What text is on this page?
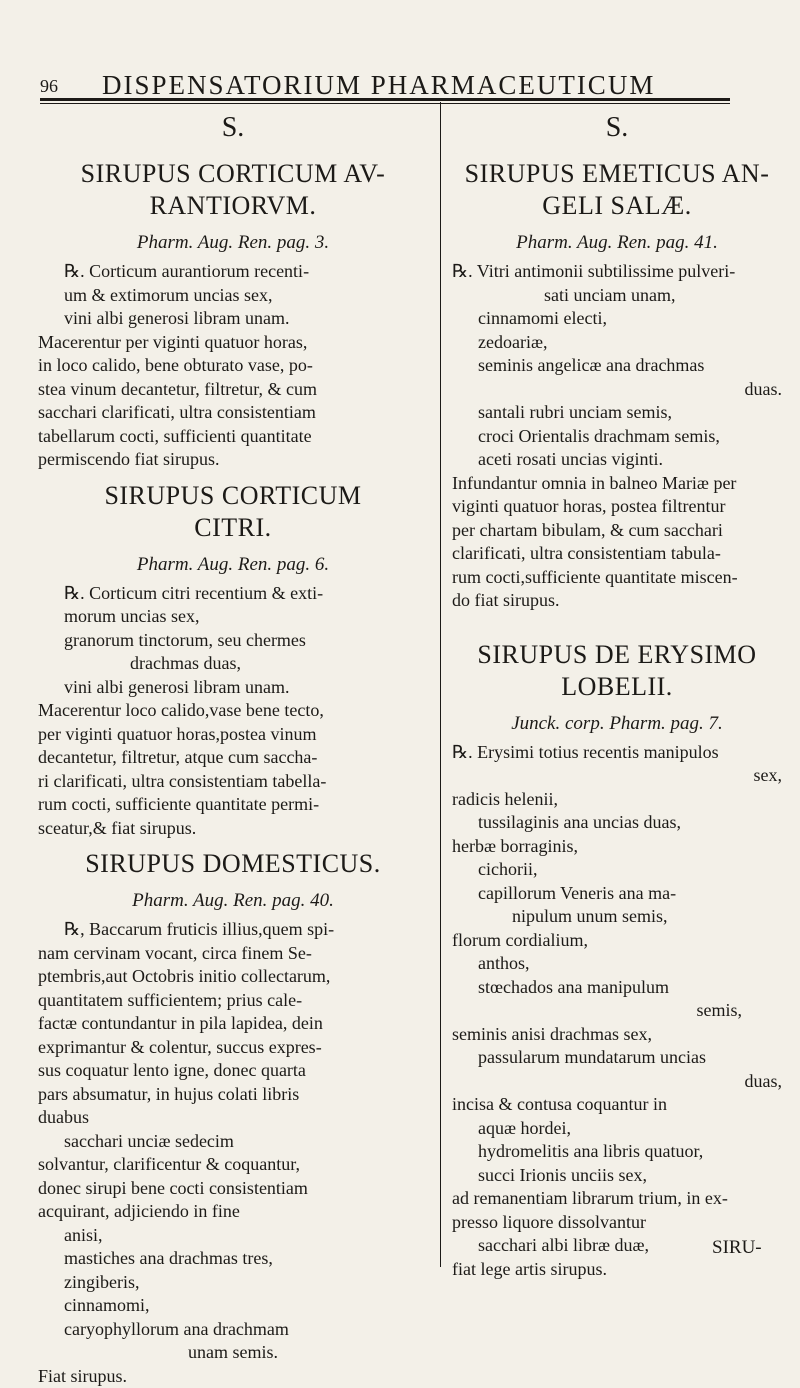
96 DISPENSATORIUM PHARMACEUTICUM
S.
SIRUPUS CORTICUM AV-
RANTIORVM.
Pharm. Aug. Ren. pag. 3.

℞. Corticum aurantiorum recenti-

um & extimorum uncias sex,

vini albi generosi libram unam.

Macerentur per viginti quatuor horas,

in loco calido, bene obturato vase, po-

stea vinum decantetur, filtretur, & cum

sacchari clarificati, ultra consistentiam

tabellarum cocti, sufficienti quantitate

permiscendo fiat sirupus.

SIRUPUS CORTICUM
CITRI.
Pharm. Aug. Ren. pag. 6.

℞. Corticum citri recentium & exti-

morum uncias sex,

granorum tinctorum, seu chermes

drachmas duas,

vini albi generosi libram unam.

Macerentur loco calido,vase bene tecto,

per viginti quatuor horas,postea vinum

decantetur, filtretur, atque cum saccha-

ri clarificati, ultra consistentiam tabella-

rum cocti, sufficiente quantitate permi-

sceatur,& fiat sirupus.

SIRUPUS DOMESTICUS.
Pharm. Aug. Ren. pag. 40.

℞, Baccarum fruticis illius,quem spi-

nam cervinam vocant, circa finem Se-

ptembris,aut Octobris initio collectarum,

quantitatem sufficientem; prius cale-

factæ contundantur in pila lapidea, dein

exprimantur & colentur, succus expres-

sus coquatur lento igne, donec quarta

pars absumatur, in hujus colati libris

duabus

sacchari unciæ sedecim

solvantur, clarificentur & coquantur,

donec sirupi bene cocti consistentiam

acquirant, adjiciendo in fine

anisi,

mastiches ana drachmas tres,

zingiberis,

cinnamomi,

caryophyllorum ana drachmam

unam semis.

Fiat sirupus.

S.
SIRUPUS EMETICUS AN-
GELI SALÆ.
Pharm. Aug. Ren. pag. 41.

℞. Vitri antimonii subtilissime pulveri-

sati unciam unam,

cinnamomi electi,

zedoariæ,

seminis angelicæ ana drachmas

duas.

santali rubri unciam semis,

croci Orientalis drachmam semis,

aceti rosati uncias viginti.

Infundantur omnia in balneo Mariæ per

viginti quatuor horas, postea filtrentur

per chartam bibulam, & cum sacchari

clarificati, ultra consistentiam tabula-

rum cocti,sufficiente quantitate miscen-

do fiat sirupus.

SIRUPUS DE ERYSIMO
LOBELII.
Junck. corp. Pharm. pag. 7.

℞. Erysimi totius recentis manipulos

sex,

radicis helenii,

tussilaginis ana uncias duas,

herbæ borraginis,

cichorii,

capillorum Veneris ana ma-

nipulum unum semis,

florum cordialium,

anthos,

stœchados ana manipulum

semis,

seminis anisi drachmas sex,

passularum mundatarum uncias

duas,

incisa & contusa coquantur in

aquæ hordei,

hydromelitis ana libris quatuor,

succi Irionis unciis sex,

ad remanentiam librarum trium, in ex-

presso liquore dissolvantur

sacchari albi libræ duæ,

fiat lege artis sirupus.

SIRU-
